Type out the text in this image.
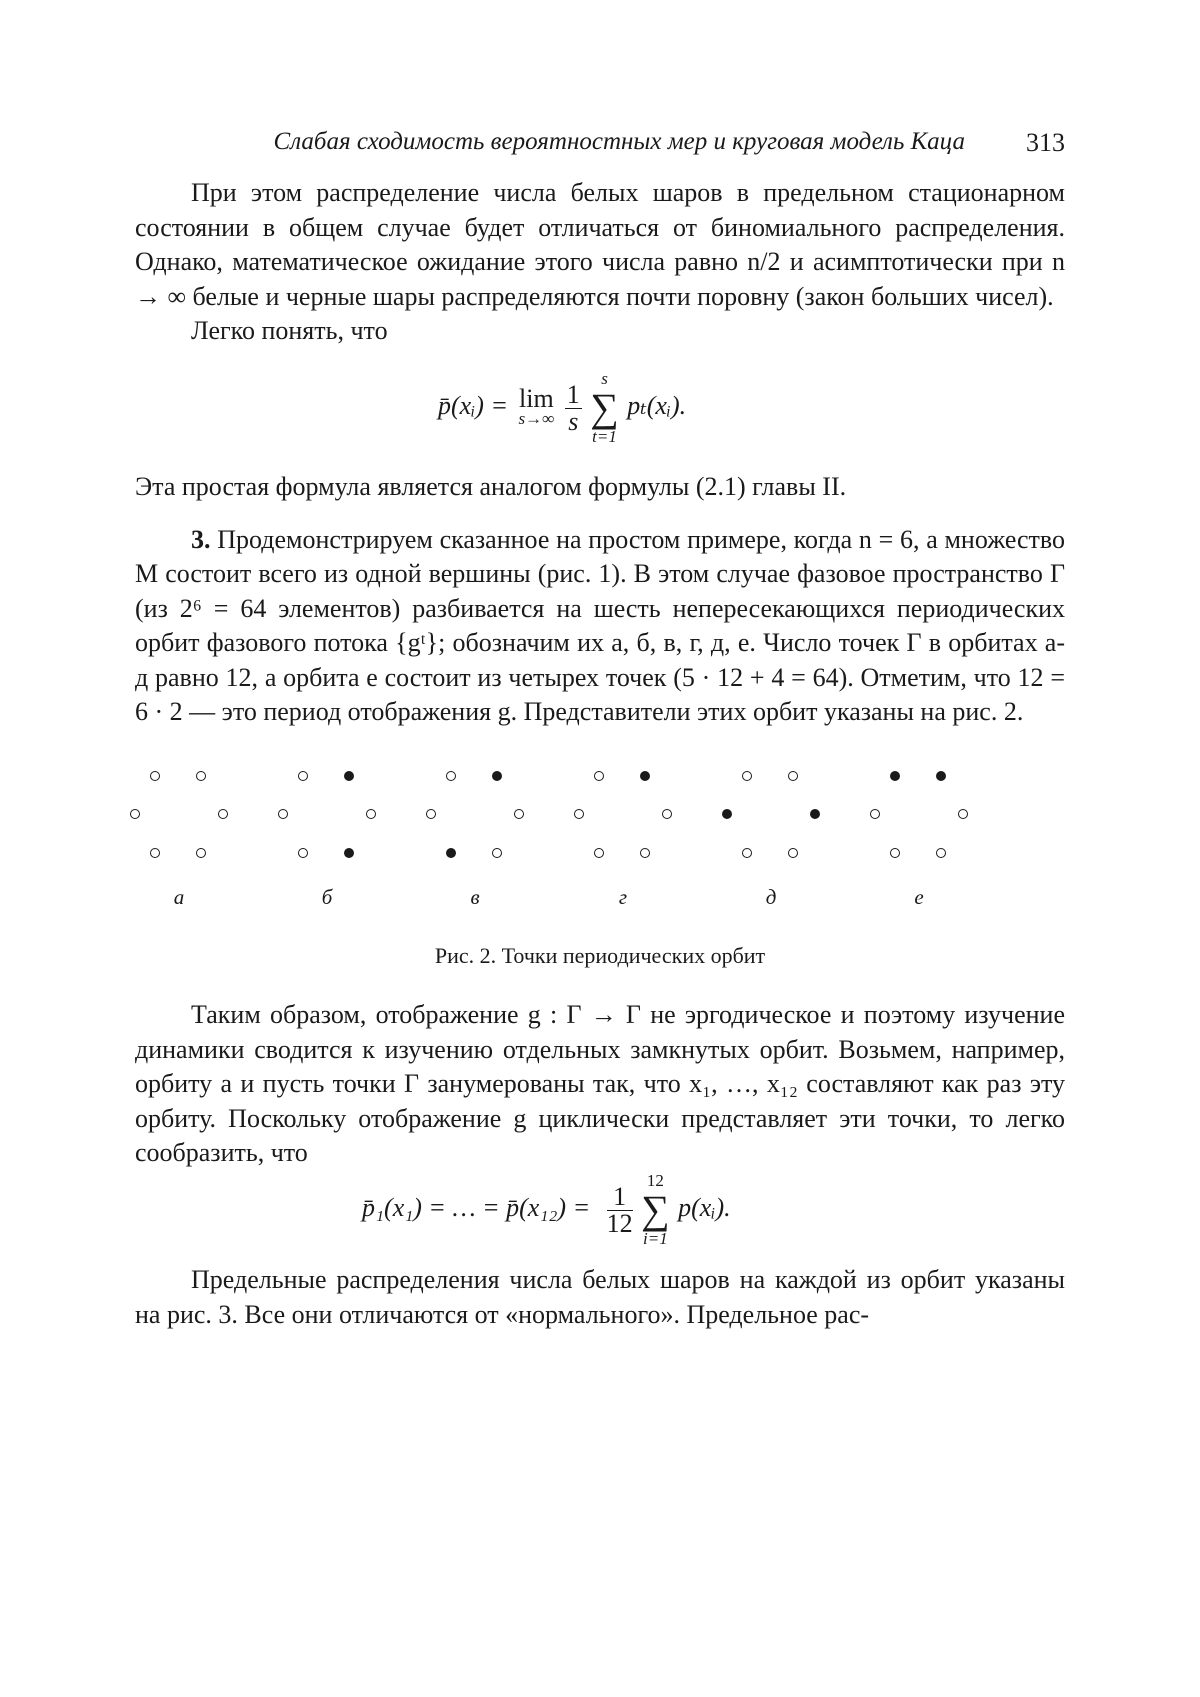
Слабая сходимость вероятностных мер и круговая модель Каца 313

При этом распределение числа белых шаров в предельном стационарном состоянии в общем случае будет отличаться от биномиального распределения. Однако, математическое ожидание этого числа равно n/2 и асимптотически при n → ∞ белые и черные шары распределяются почти поровну (закон больших чисел).

Легко понять, что

p̄(xᵢ) = lim
s→∞
$\frac{1}{s}$

s
∑
t=1
pₜ(xᵢ).

Эта простая формула является аналогом формулы (2.1) главы II.

3. Продемонстрируем сказанное на простом примере, когда n = 6, а множество M состоит всего из одной вершины (рис. 1). В этом случае фазовое пространство Γ (из 2⁶ = 64 элементов) разбивается на шесть непересекающихся периодических орбит фазового потока {gᵗ}; обозначим их а, б, в, г, д, е. Число точек Γ в орбитах а-д равно 12, а орбита е состоит из четырех точек (5 · 12 + 4 = 64). Отметим, что 12 = 6 · 2 — это период отображения g. Представители этих орбит указаны на рис. 2.

а	б	в	г	д	е
Рис. 2. Точки периодических орбит

Таким образом, отображение g : Γ → Γ не эргодическое и поэтому изучение динамики сводится к изучению отдельных замкнутых орбит. Возьмем, например, орбиту а и пусть точки Γ занумерованы так, что x₁, …, x₁₂ составляют как раз эту орбиту. Поскольку отображение g циклически представляет эти точки, то легко сообразить, что

p̄₁(x₁) = … = p̄(x₁₂) = $\frac{1}{12}$

12
∑
i=1
p(xᵢ).

Предельные распределения числа белых шаров на каждой из орбит указаны на рис. 3. Все они отличаются от «нормального». Предельное рас-
